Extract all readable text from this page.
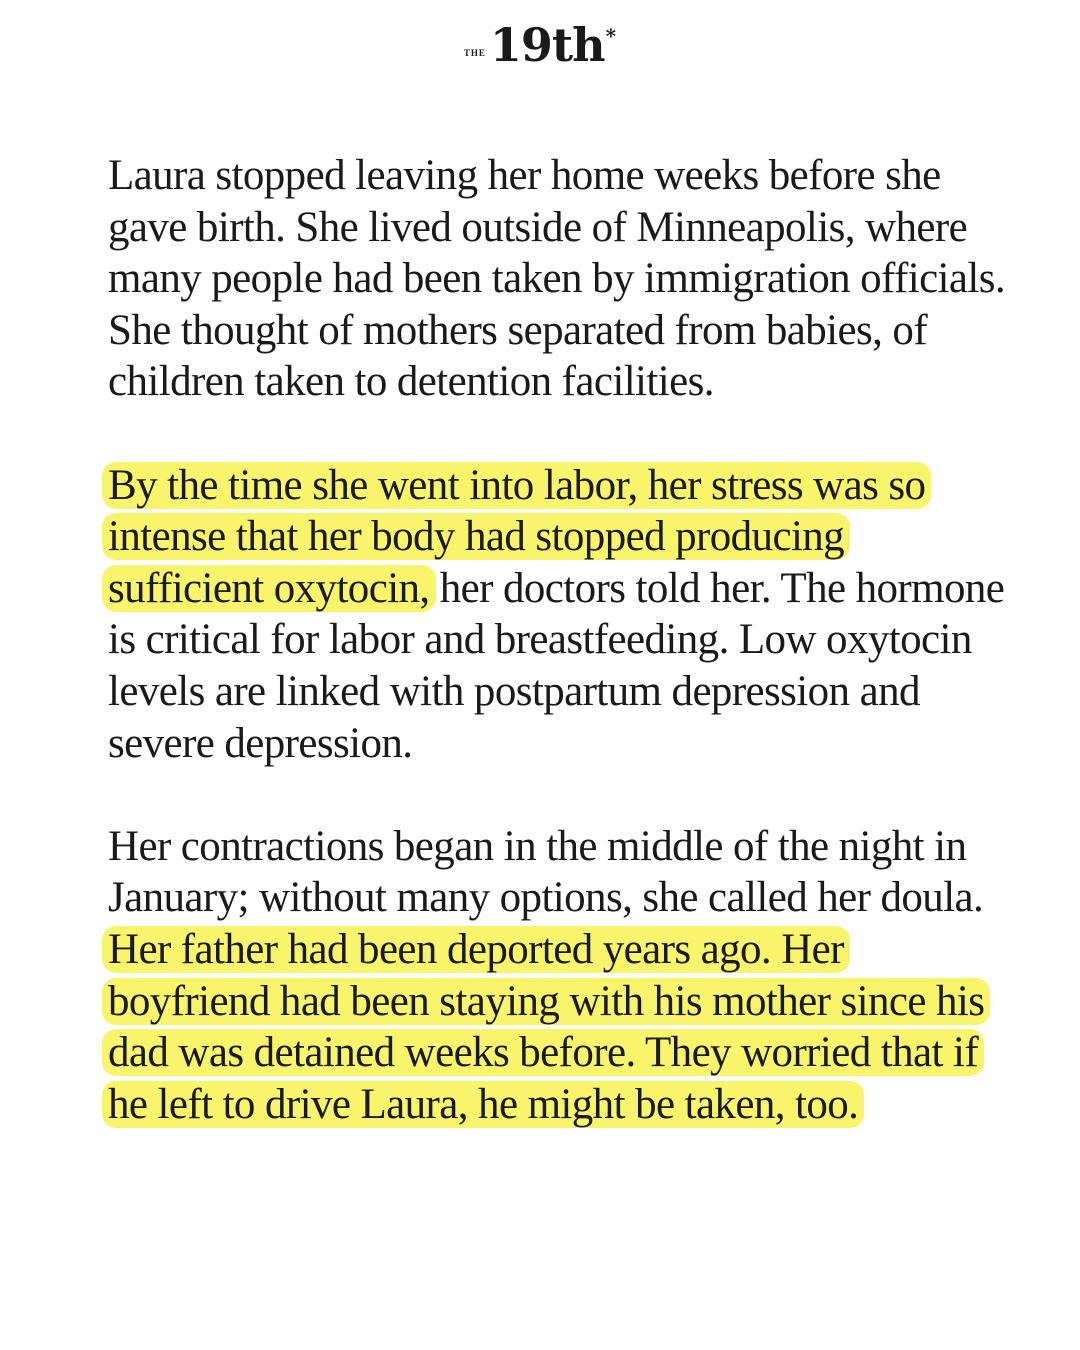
$^{THE}$19th*

Laura stopped leaving her home weeks before she gave birth. She lived outside of Minneapolis, where many people had been taken by immigration officials. She thought of mothers separated from babies, of children taken to detention facilities.

By the time she went into labor, her stress was so intense that her body had stopped producing sufficient oxytocin, her doctors told her. The hormone is critical for labor and breastfeeding. Low oxytocin levels are linked with postpartum depression and severe depression.

Her contractions began in the middle of the night in January; without many options, she called her doula. Her father had been deported years ago. Her boyfriend had been staying with his mother since his dad was detained weeks before. They worried that if he left to drive Laura, he might be taken, too.
